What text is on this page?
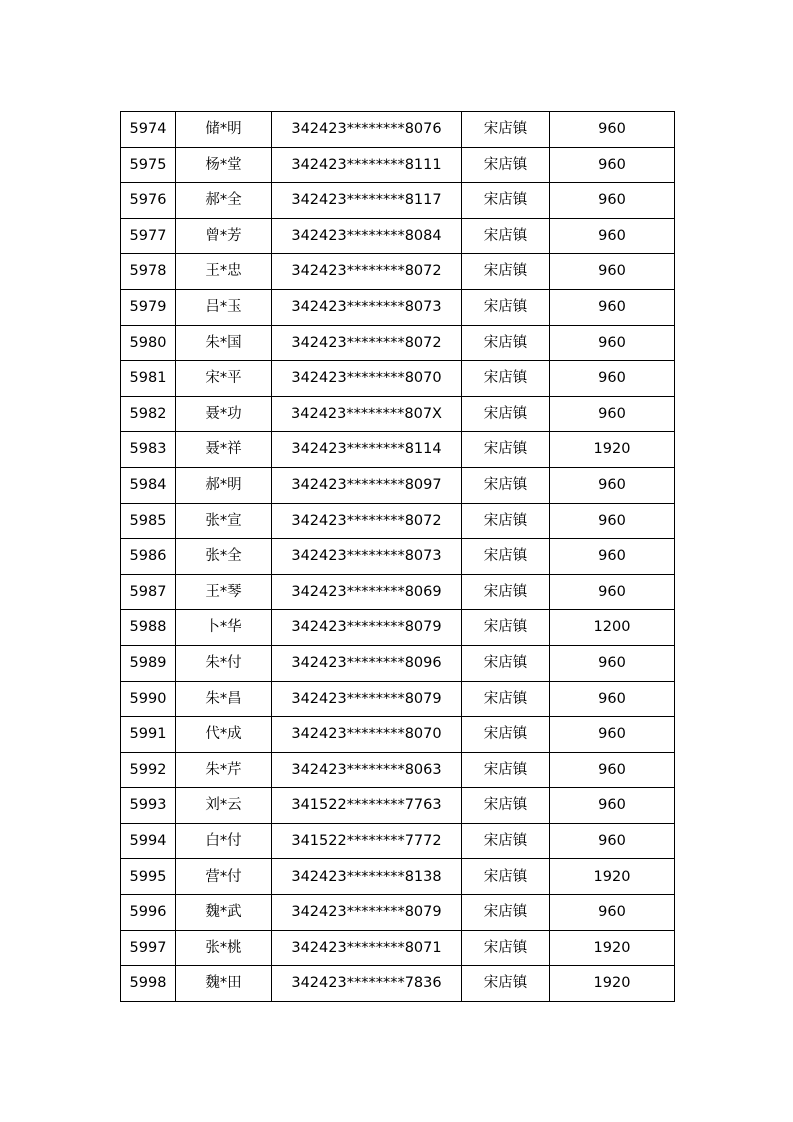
5974	储*明	342423********8076	宋店镇	960
5975	杨*堂	342423********8111	宋店镇	960
5976	郝*全	342423********8117	宋店镇	960
5977	曾*芳	342423********8084	宋店镇	960
5978	王*忠	342423********8072	宋店镇	960
5979	吕*玉	342423********8073	宋店镇	960
5980	朱*国	342423********8072	宋店镇	960
5981	宋*平	342423********8070	宋店镇	960
5982	聂*功	342423********807X	宋店镇	960
5983	聂*祥	342423********8114	宋店镇	1920
5984	郝*明	342423********8097	宋店镇	960
5985	张*宣	342423********8072	宋店镇	960
5986	张*全	342423********8073	宋店镇	960
5987	王*琴	342423********8069	宋店镇	960
5988	卜*华	342423********8079	宋店镇	1200
5989	朱*付	342423********8096	宋店镇	960
5990	朱*昌	342423********8079	宋店镇	960
5991	代*成	342423********8070	宋店镇	960
5992	朱*芹	342423********8063	宋店镇	960
5993	刘*云	341522********7763	宋店镇	960
5994	白*付	341522********7772	宋店镇	960
5995	营*付	342423********8138	宋店镇	1920
5996	魏*武	342423********8079	宋店镇	960
5997	张*桃	342423********8071	宋店镇	1920
5998	魏*田	342423********7836	宋店镇	1920
